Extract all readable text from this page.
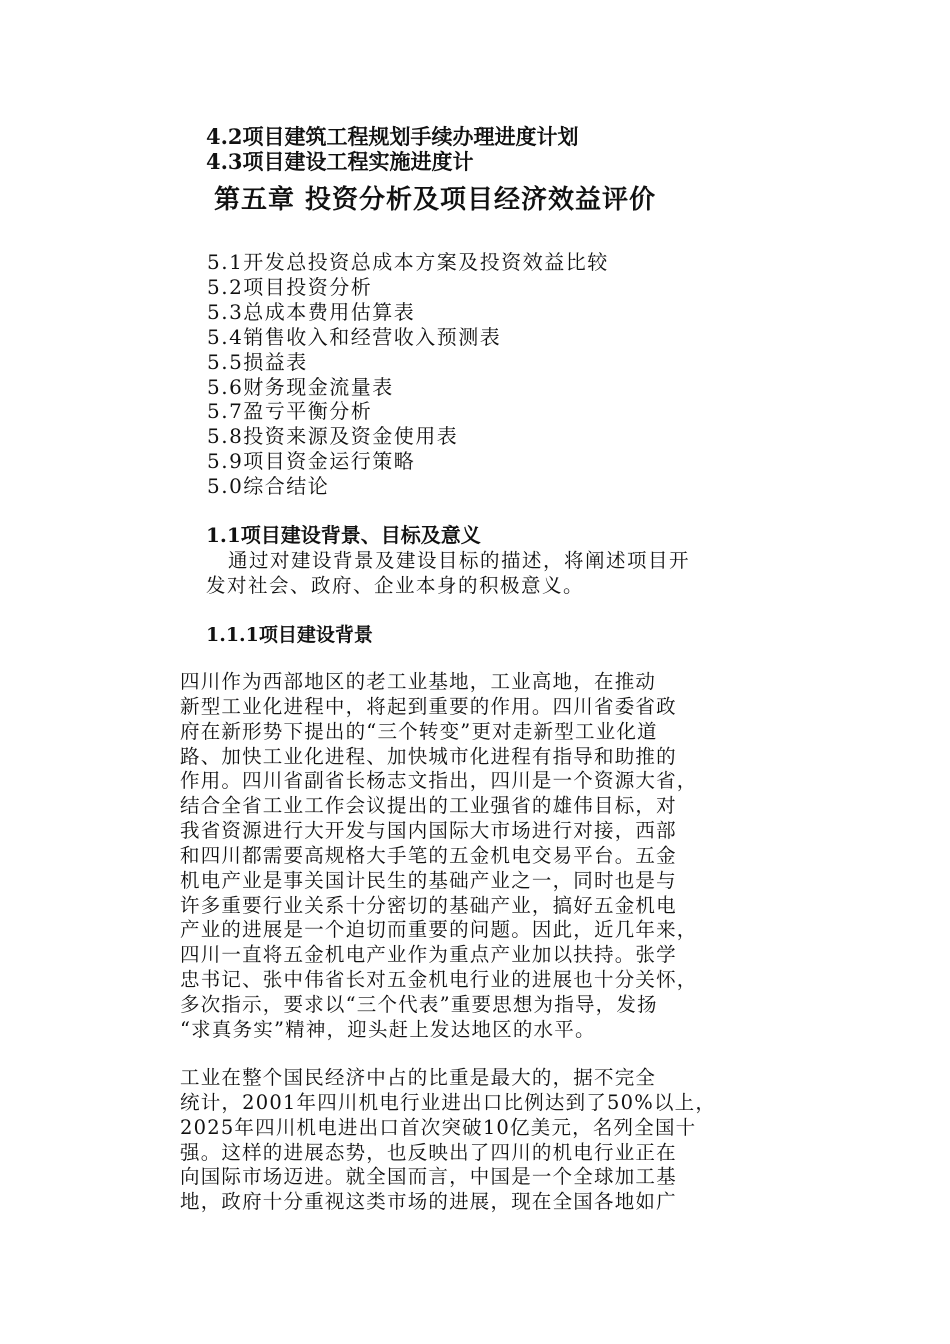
4.2项目建筑工程规划手续办理进度计划
4.3项目建设工程实施进度计
第五章 投资分析及项目经济效益评价
5.1开发总投资总成本方案及投资效益比较
5.2项目投资分析
5.3总成本费用估算表
5.4销售收入和经营收入预测表
5.5损益表
5.6财务现金流量表
5.7盈亏平衡分析
5.8投资来源及资金使用表
5.9项目资金运行策略
5.0综合结论
1.1项目建设背景、目标及意义
通过对建设背景及建设目标的描述，将阐述项目开
发对社会、政府、企业本身的积极意义。
1.1.1项目建设背景
四川作为西部地区的老工业基地，工业高地，在推动
新型工业化进程中，将起到重要的作用。四川省委省政
府在新形势下提出的“三个转变”更对走新型工业化道
路、加快工业化进程、加快城市化进程有指导和助推的
作用。四川省副省长杨志文指出，四川是一个资源大省，
结合全省工业工作会议提出的工业强省的雄伟目标，对
我省资源进行大开发与国内国际大市场进行对接，西部
和四川都需要高规格大手笔的五金机电交易平台。五金
机电产业是事关国计民生的基础产业之一，同时也是与
许多重要行业关系十分密切的基础产业，搞好五金机电
产业的进展是一个迫切而重要的问题。因此，近几年来，
四川一直将五金机电产业作为重点产业加以扶持。张学
忠书记、张中伟省长对五金机电行业的进展也十分关怀，
多次指示，要求以“三个代表”重要思想为指导，发扬
“求真务实”精神，迎头赶上发达地区的水平。
工业在整个国民经济中占的比重是最大的，据不完全
统计，2001年四川机电行业进出口比例达到了50%以上，
2025年四川机电进出口首次突破10亿美元，名列全国十
强。这样的进展态势，也反映出了四川的机电行业正在
向国际市场迈进。就全国而言，中国是一个全球加工基
地，政府十分重视这类市场的进展，现在全国各地如广
